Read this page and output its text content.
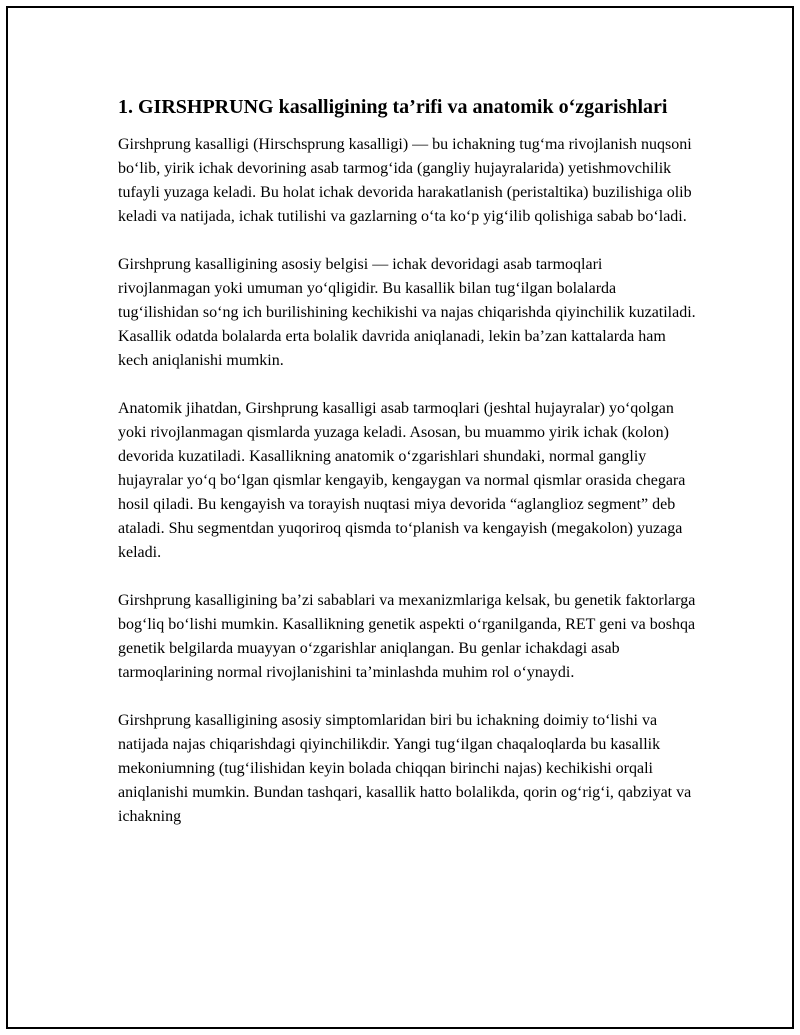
1. GIRSHPRUNG kasalligining ta’rifi va anatomik o‘zgarishlari

Girshprung kasalligi (Hirschsprung kasalligi) — bu ichakning tug‘ma rivojlanish nuqsoni bo‘lib, yirik ichak devorining asab tarmog‘ida (gangliy hujayralarida) yetishmovchilik tufayli yuzaga keladi. Bu holat ichak devorida harakatlanish (peristaltika) buzilishiga olib keladi va natijada, ichak tutilishi va gazlarning o‘ta ko‘p yig‘ilib qolishiga sabab bo‘ladi.

Girshprung kasalligining asosiy belgisi — ichak devoridagi asab tarmoqlari rivojlanmagan yoki umuman yo‘qligidir. Bu kasallik bilan tug‘ilgan bolalarda tug‘ilishidan so‘ng ich burilishining kechikishi va najas chiqarishda qiyinchilik kuzatiladi. Kasallik odatda bolalarda erta bolalik davrida aniqlanadi, lekin ba’zan kattalarda ham kech aniqlanishi mumkin.

Anatomik jihatdan, Girshprung kasalligi asab tarmoqlari (jeshtal hujayralar) yo‘qolgan yoki rivojlanmagan qismlarda yuzaga keladi. Asosan, bu muammo yirik ichak (kolon) devorida kuzatiladi. Kasallikning anatomik o‘zgarishlari shundaki, normal gangliy hujayralar yo‘q bo‘lgan qismlar kengayib, kengaygan va normal qismlar orasida chegara hosil qiladi. Bu kengayish va torayish nuqtasi miya devorida “aglanglioz segment” deb ataladi. Shu segmentdan yuqoriroq qismda to‘planish va kengayish (megakolon) yuzaga keladi.

Girshprung kasalligining ba’zi sabablari va mexanizmlariga kelsak, bu genetik faktorlarga bog‘liq bo‘lishi mumkin. Kasallikning genetik aspekti o‘rganilganda, RET geni va boshqa genetik belgilarda muayyan o‘zgarishlar aniqlangan. Bu genlar ichakdagi asab tarmoqlarining normal rivojlanishini ta’minlashda muhim rol o‘ynaydi.

Girshprung kasalligining asosiy simptomlaridan biri bu ichakning doimiy to‘lishi va natijada najas chiqarishdagi qiyinchilikdir. Yangi tug‘ilgan chaqaloqlarda bu kasallik mekoniumning (tug‘ilishidan keyin bolada chiqqan birinchi najas) kechikishi orqali aniqlanishi mumkin. Bundan tashqari, kasallik hatto bolalikda, qorin og‘rig‘i, qabziyat va ichakning
